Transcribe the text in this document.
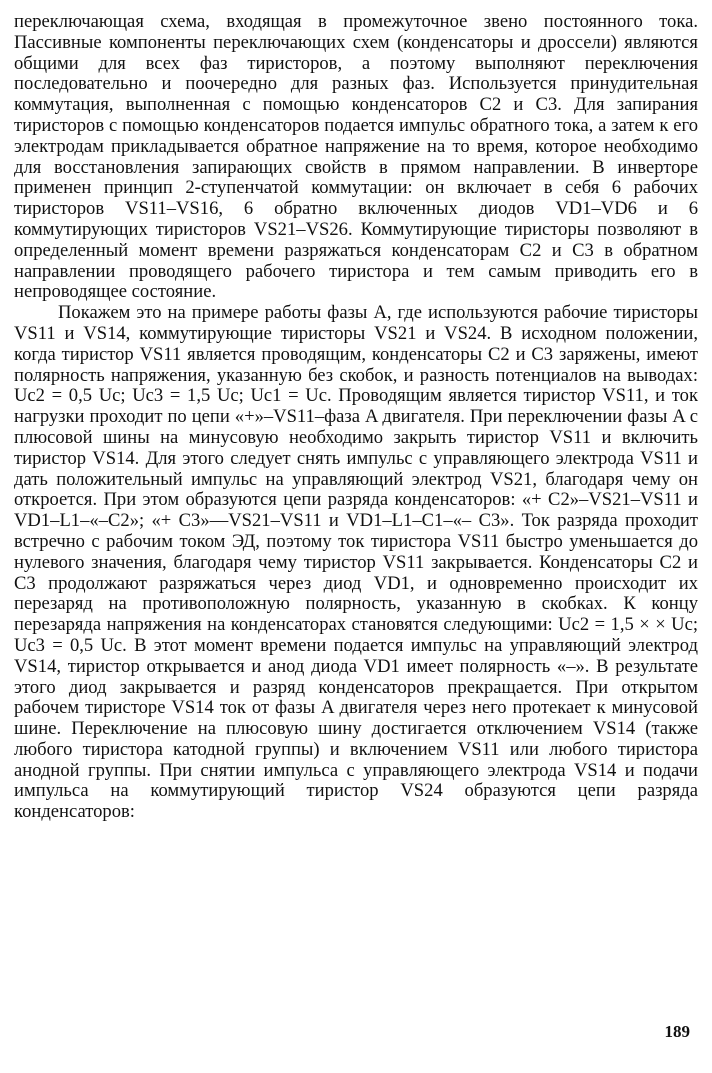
переключающая схема, входящая в промежуточное звено постоянного тока. Пассивные компоненты переключающих схем (конденсаторы и дроссели) являются общими для всех фаз тиристоров, а поэтому выполняют переключения последовательно и поочередно для разных фаз. Используется принудительная коммутация, выполненная с помощью конденсаторов C2 и C3. Для запирания тиристоров с помощью конденсаторов подается импульс обратного тока, а затем к его электродам прикладывается обратное напряжение на то время, которое необходимо для восстановления запирающих свойств в прямом направлении. В инверторе применен принцип 2-ступенчатой коммутации: он включает в себя 6 рабочих тиристоров VS11–VS16, 6 обратно включенных диодов VD1–VD6 и 6 коммутирующих тиристоров VS21–VS26. Коммутирующие тиристоры позволяют в определенный момент времени разряжаться конденсаторам C2 и C3 в обратном направлении проводящего рабочего тиристора и тем самым приводить его в непроводящее состояние.

Покажем это на примере работы фазы A, где используются рабочие тиристоры VS11 и VS14, коммутирующие тиристоры VS21 и VS24. В исходном положении, когда тиристор VS11 является проводящим, конденсаторы C2 и C3 заряжены, имеют полярность напряжения, указанную без скобок, и разность потенциалов на выводах: Uc2 = 0,5 Uc; Uc3 = 1,5 Uc; Uc1 = Uc. Проводящим является тиристор VS11, и ток нагрузки проходит по цепи «+»–VS11–фаза A двигателя. При переключении фазы A с плюсовой шины на минусовую необходимо закрыть тиристор VS11 и включить тиристор VS14. Для этого следует снять импульс с управляющего электрода VS11 и дать положительный импульс на управляющий электрод VS21, благодаря чему он откроется. При этом образуются цепи разряда конденсаторов: «+ C2»–VS21–VS11 и VD1–L1–«–C2»; «+ C3»––VS21–VS11 и VD1–L1–C1–«– C3». Ток разряда проходит встречно с рабочим током ЭД, поэтому ток тиристора VS11 быстро уменьшается до нулевого значения, благодаря чему тиристор VS11 закрывается. Конденсаторы C2 и C3 продолжают разряжаться через диод VD1, и одновременно происходит их перезаряд на противоположную полярность, указанную в скобках. К концу перезаряда напряжения на конденсаторах становятся следующими: Uc2 = 1,5 × × Uc; Uc3 = 0,5 Uc. В этот момент времени подается импульс на управляющий электрод VS14, тиристор открывается и анод диода VD1 имеет полярность «–». В результате этого диод закрывается и разряд конденсаторов прекращается. При открытом рабочем тиристоре VS14 ток от фазы A двигателя через него протекает к минусовой шине. Переключение на плюсовую шину достигается отключением VS14 (также любого тиристора катодной группы) и включением VS11 или любого тиристора анодной группы. При снятии импульса с управляющего электрода VS14 и подачи импульса на коммутирующий тиристор VS24 образуются цепи разряда конденсаторов:

189
